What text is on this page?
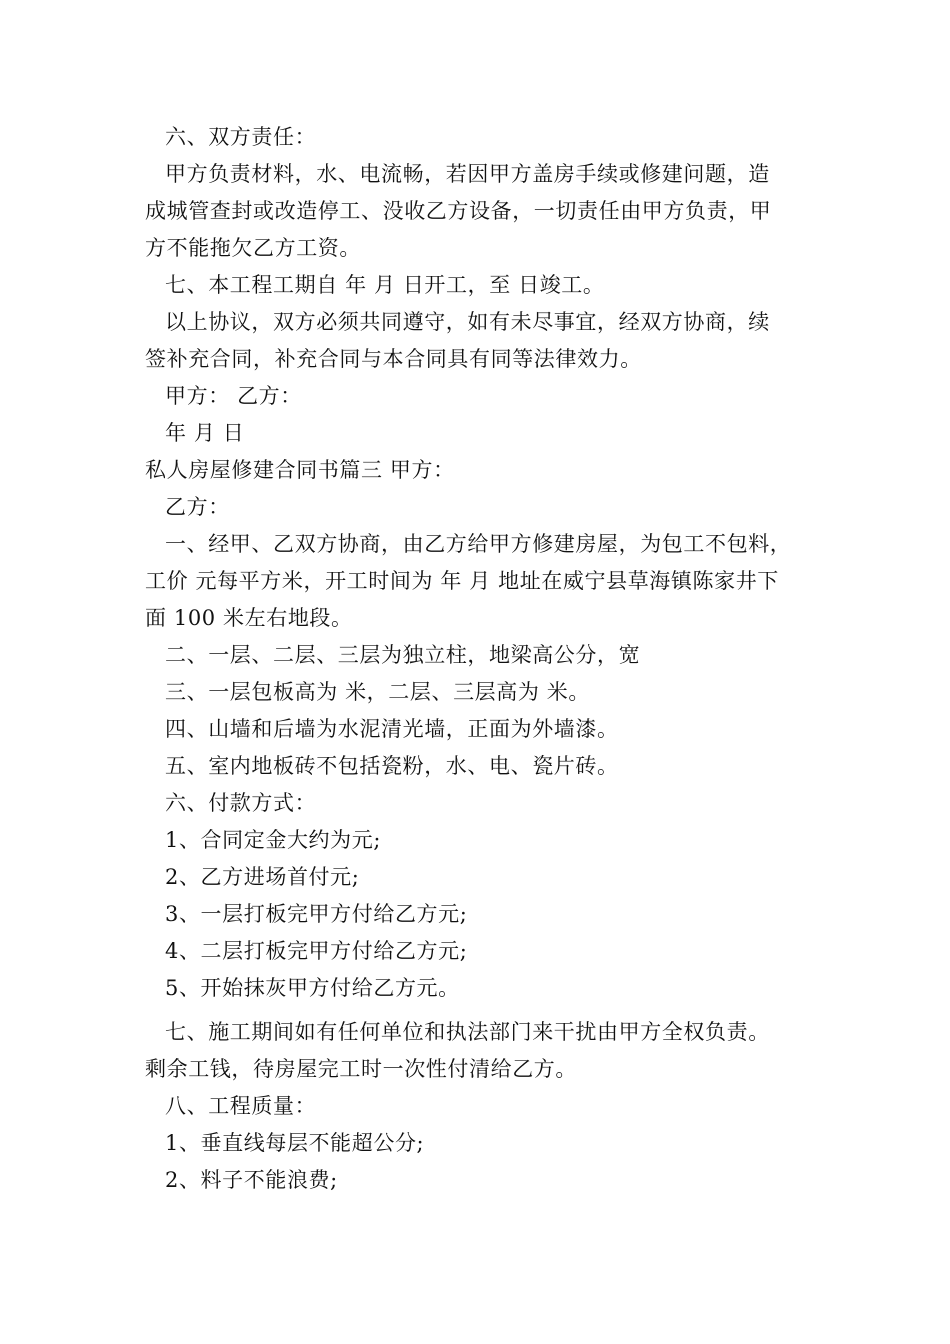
六、双方责任：
甲方负责材料，水、电流畅，若因甲方盖房手续或修建问题，造
成城管查封或改造停工、没收乙方设备，一切责任由甲方负责，甲
方不能拖欠乙方工资。
七、本工程工期自 年 月 日开工，至 日竣工。
以上协议，双方必须共同遵守，如有未尽事宜，经双方协商，续
签补充合同，补充合同与本合同具有同等法律效力。
甲方： 乙方：
年 月 日
私人房屋修建合同书篇三 甲方：
乙方：
一、经甲、乙双方协商，由乙方给甲方修建房屋，为包工不包料，
工价 元每平方米，开工时间为 年 月 地址在威宁县草海镇陈家井下
面 100 米左右地段。
二、一层、二层、三层为独立柱，地梁高公分，宽
三、一层包板高为 米，二层、三层高为 米。
四、山墙和后墙为水泥清光墙，正面为外墙漆。
五、室内地板砖不包括瓷粉，水、电、瓷片砖。
六、付款方式：
1、合同定金大约为元;
2、乙方进场首付元;
3、一层打板完甲方付给乙方元;
4、二层打板完甲方付给乙方元;
5、开始抹灰甲方付给乙方元。
七、施工期间如有任何单位和执法部门来干扰由甲方全权负责。
剩余工钱，待房屋完工时一次性付清给乙方。
八、工程质量：
1、垂直线每层不能超公分;
2、料子不能浪费;
